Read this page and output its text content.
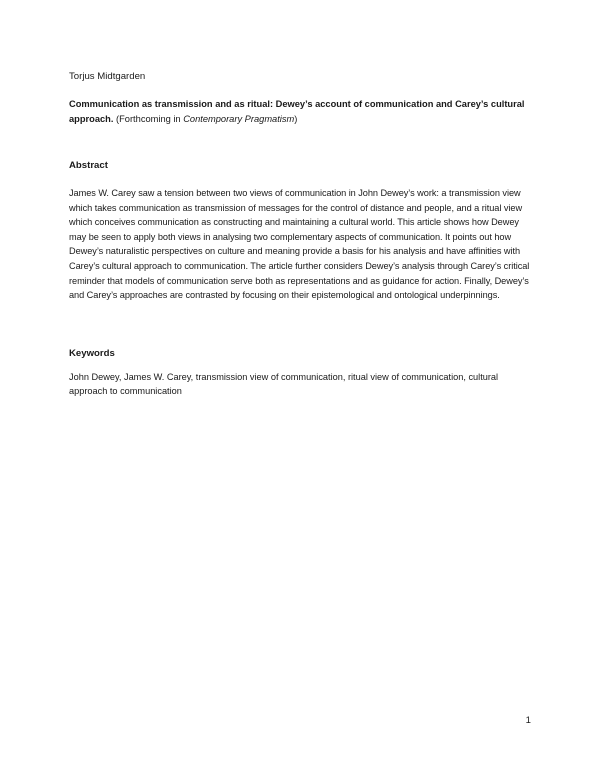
Torjus Midtgarden

Communication as transmission and as ritual: Dewey’s account of communication and Carey’s cultural approach. (Forthcoming in Contemporary Pragmatism)

Abstract

James W. Carey saw a tension between two views of communication in John Dewey’s work: a transmission view which takes communication as transmission of messages for the control of distance and people, and a ritual view which conceives communication as constructing and maintaining a cultural world. This article shows how Dewey may be seen to apply both views in analysing two complementary aspects of communication. It points out how Dewey’s naturalistic perspectives on culture and meaning provide a basis for his analysis and have affinities with Carey’s cultural approach to communication. The article further considers Dewey’s analysis through Carey’s critical reminder that models of communication serve both as representations and as guidance for action. Finally, Dewey’s and Carey’s approaches are contrasted by focusing on their epistemological and ontological underpinnings.

Keywords

John Dewey, James W. Carey, transmission view of communication, ritual view of communication, cultural approach to communication

1
